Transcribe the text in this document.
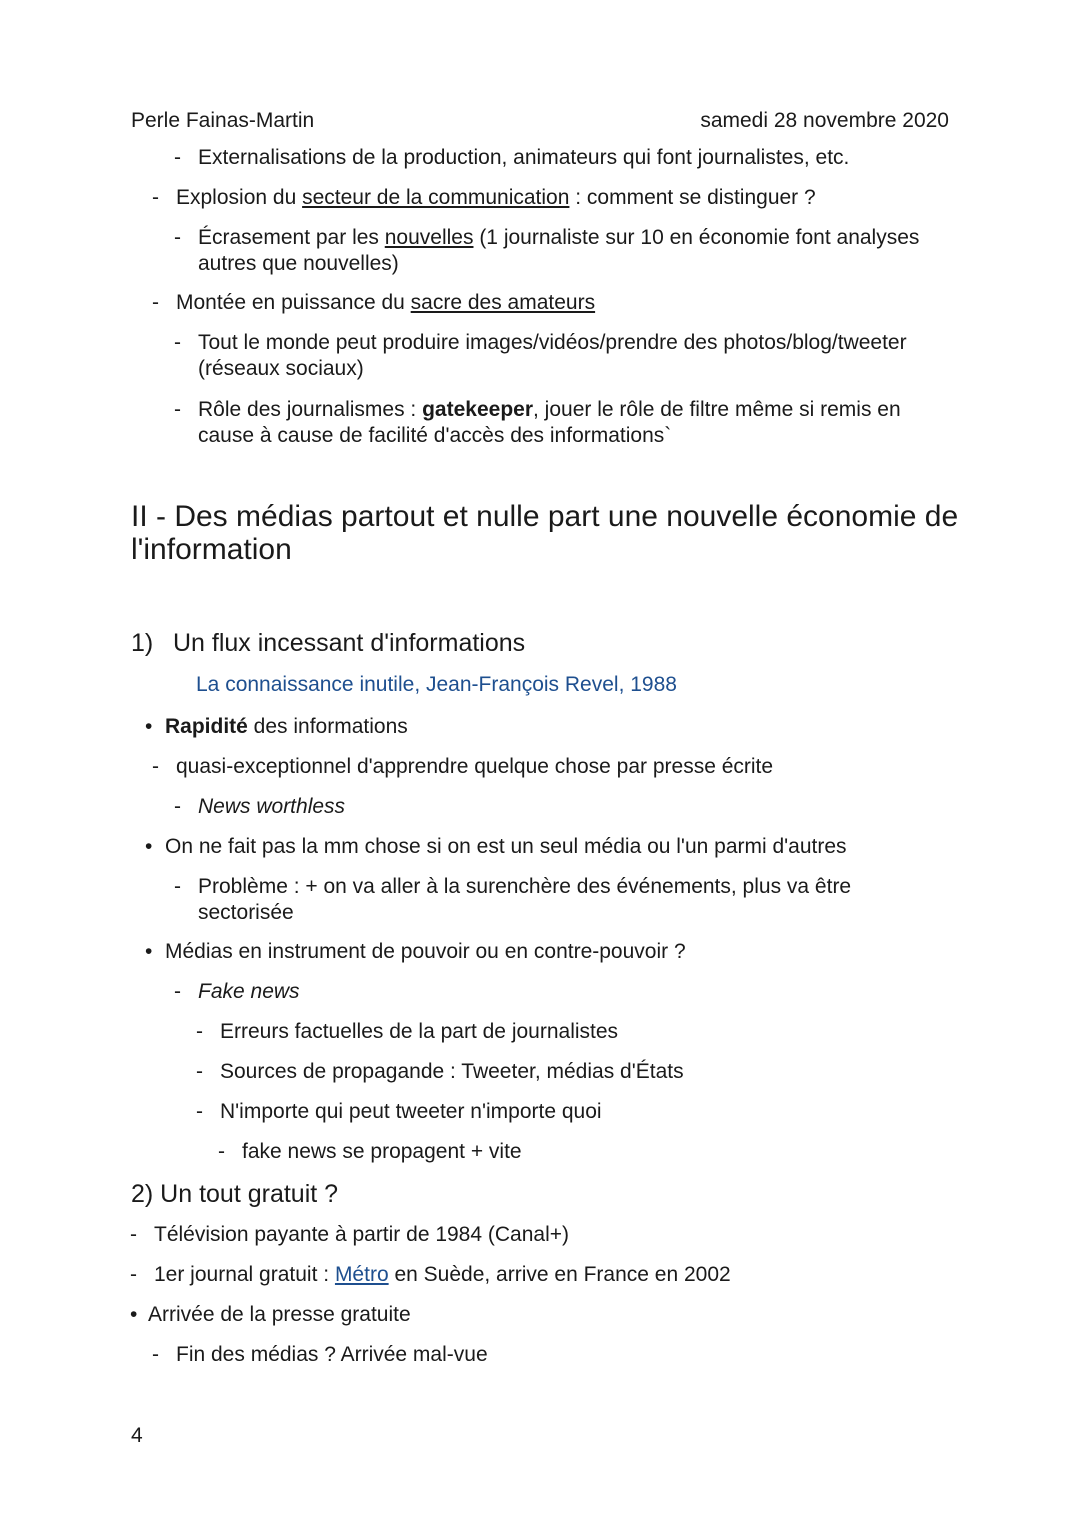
Perle Fainas-Martin	samedi 28 novembre 2020
- Externalisations de la production, animateurs qui font journalistes, etc.
- Explosion du secteur de la communication : comment se distinguer ?
- Écrasement par les nouvelles (1 journaliste sur 10 en économie font analyses autres que nouvelles)
- Montée en puissance du sacre des amateurs
- Tout le monde peut produire images/vidéos/prendre des photos/blog/tweeter (réseaux sociaux)
- Rôle des journalismes : gatekeeper, jouer le rôle de filtre même si remis en cause à cause de facilité d'accès des informations`
II - Des médias partout et nulle part une nouvelle économie de l'information
1) Un flux incessant d'informations
La connaissance inutile, Jean-François Revel, 1988
• Rapidité des informations
- quasi-exceptionnel d'apprendre quelque chose par presse écrite
- News worthless
• On ne fait pas la mm chose si on est un seul média ou l'un parmi d'autres
- Problème : + on va aller à la surenchère des événements, plus va être sectorisée
• Médias en instrument de pouvoir ou en contre-pouvoir ?
- Fake news
- Erreurs factuelles de la part de journalistes
- Sources de propagande : Tweeter, médias d'États
- N'importe qui peut tweeter n'importe quoi
- fake news se propagent + vite
2) Un tout gratuit ?
- Télévision payante à partir de 1984 (Canal+)
- 1er journal gratuit : Métro en Suède, arrive en France en 2002
• Arrivée de la presse gratuite
- Fin des médias ? Arrivée mal-vue
4
